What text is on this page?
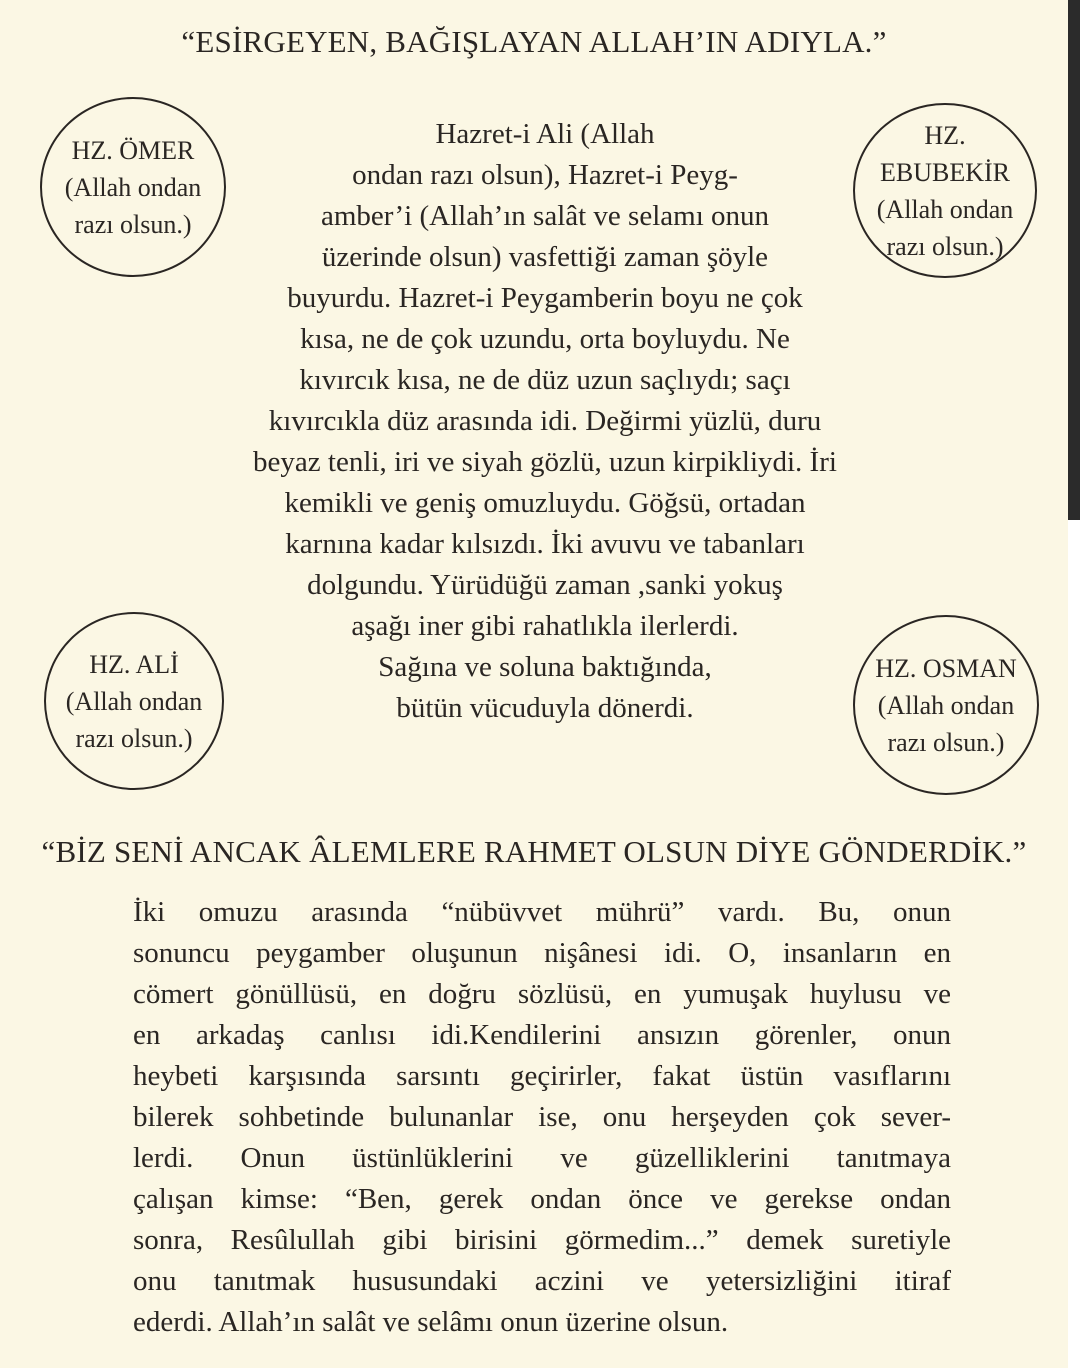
“ESİRGEYEN, BAĞIŞLAYAN ALLAH’IN ADIYLA.”
HZ. ÖMER
(Allah ondan
razı olsun.)
HZ.
EBUBEKİR
(Allah ondan
razı olsun.)
Hazret-i Ali (Allah
ondan razı olsun), Hazret-i Peyg-
amber’i (Allah’ın salât ve selamı onun
üzerinde olsun) vasfettiği zaman şöyle
buyurdu. Hazret-i Peygamberin boyu ne çok
kısa, ne de çok uzundu, orta boyluydu. Ne
kıvırcık kısa, ne de düz uzun saçlıydı; saçı
kıvırcıkla düz arasında idi. Değirmi yüzlü, duru
beyaz tenli, iri ve siyah gözlü, uzun kirpikliydi. İri
kemikli ve geniş omuzluydu. Göğsü, ortadan
karnına kadar kılsızdı. İki avuvu ve tabanları
dolgundu. Yürüdüğü zaman ,sanki yokuş
aşağı iner gibi rahatlıkla ilerlerdi.
Sağına ve soluna baktığında,
bütün vücuduyla dönerdi.
HZ. ALİ
(Allah ondan
razı olsun.)
HZ. OSMAN
(Allah ondan
razı olsun.)
“BİZ SENİ ANCAK ÂLEMLERE RAHMET OLSUN DİYE GÖNDERDİK.”
İki omuzu arasında “nübüvvet mührü” vardı. Bu, onun
sonuncu peygamber oluşunun nişânesi idi. O, insanların en
cömert gönüllüsü, en doğru sözlüsü, en yumuşak huylusu ve
en arkadaş canlısı idi.Kendilerini ansızın görenler, onun
heybeti karşısında sarsıntı geçirirler, fakat üstün vasıflarını
bilerek sohbetinde bulunanlar ise, onu herşeyden çok sever-
lerdi. Onun üstünlüklerini ve güzelliklerini tanıtmaya
çalışan kimse: “Ben, gerek ondan önce ve gerekse ondan
sonra, Resûlullah gibi birisini görmedim...” demek suretiyle
onu tanıtmak hususundaki aczini ve yetersizliğini itiraf
ederdi. Allah’ın salât ve selâmı onun üzerine olsun.
